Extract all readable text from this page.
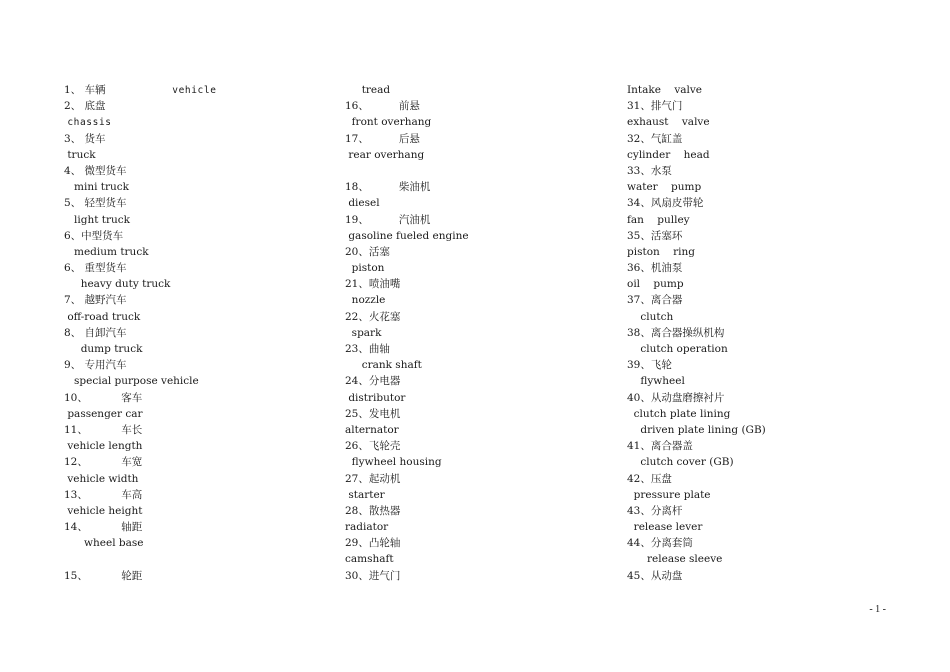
1、 车辆                    vehicle
2、 底盘
chassis
3、 货车
truck
4、 微型货车
mini truck
5、 轻型货车
light truck
6、中型货车
medium truck
6、 重型货车
heavy duty truck
7、 越野汽车
off-road truck
8、 自卸汽车
dump truck
9、 专用汽车
special purpose vehicle
10、          客车
passenger car
11、          车长
vehicle length
12、          车宽
vehicle width
13、          车高
vehicle height
14、          轴距
wheel base
15、          轮距
tread
16、         前悬
front overhang
17、         后悬
rear overhang
18、         柴油机
diesel
19、         汽油机
gasoline fueled engine
20、活塞
piston
21、喷油嘴
nozzle
22、火花塞
spark
23、曲轴
crank shaft
24、分电器
distributor
25、发电机
alternator
26、飞轮壳
flywheel housing
27、起动机
starter
28、散热器
radiator
29、凸轮轴
camshaft
30、进气门
Intake    valve
31、排气门
exhaust    valve
32、气缸盖
cylinder    head
33、水泵
water    pump
34、风扇皮带轮
fan    pulley
35、活塞环
piston    ring
36、机油泵
oil    pump
37、离合器
clutch
38、离合器操纵机构
clutch operation
39、飞轮
flywheel
40、从动盘磨擦衬片
clutch plate lining
driven plate lining (GB)
41、离合器盖
clutch cover (GB)
42、压盘
pressure plate
43、分离杆
release lever
44、分离套筒
release sleeve
45、从动盘
- 1 -
